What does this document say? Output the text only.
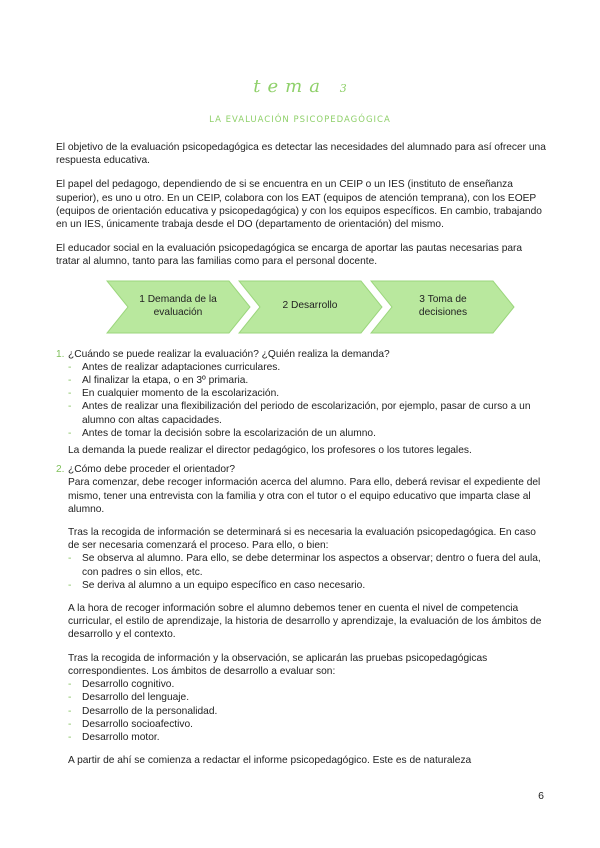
tema 3
LA EVALUACIÓN PSICOPEDAGÓGICA

El objetivo de la evaluación psicopedagógica es detectar las necesidades del alumnado para así ofrecer una respuesta educativa.

El papel del pedagogo, dependiendo de si se encuentra en un CEIP o un IES (instituto de enseñanza superior), es uno u otro. En un CEIP, colabora con los EAT (equipos de atención temprana), con los EOEP (equipos de orientación educativa y psicopedagógica) y con los equipos específicos. En cambio, trabajando en un IES, únicamente trabaja desde el DO (departamento de orientación) del mismo.

El educador social en la evaluación psicopedagógica se encarga de aportar las pautas necesarias para tratar al alumno, tanto para las familias como para el personal docente.

1 Demanda de la evaluación
2 Desarrollo
3 Toma de decisiones
1. ¿Cuándo se puede realizar la evaluación? ¿Quién realiza la demanda?
- Antes de realizar adaptaciones curriculares.
- Al finalizar la etapa, o en 3º primaria.
- En cualquier momento de la escolarización.
- Antes de realizar una flexibilización del periodo de escolarización, por ejemplo, pasar de curso a un alumno con altas capacidades.
- Antes de tomar la decisión sobre la escolarización de un alumno.
La demanda la puede realizar el director pedagógico, los profesores o los tutores legales.
2. ¿Cómo debe proceder el orientador?
Para comenzar, debe recoger información acerca del alumno. Para ello, deberá revisar el expediente del mismo, tener una entrevista con la familia y otra con el tutor o el equipo educativo que imparta clase al alumno.
Tras la recogida de información se determinará si es necesaria la evaluación psicopedagógica. En caso de ser necesaria comenzará el proceso. Para ello, o bien:
- Se observa al alumno. Para ello, se debe determinar los aspectos a observar; dentro o fuera del aula, con padres o sin ellos, etc.
- Se deriva al alumno a un equipo específico en caso necesario.
A la hora de recoger información sobre el alumno debemos tener en cuenta el nivel de competencia curricular, el estilo de aprendizaje, la historia de desarrollo y aprendizaje, la evaluación de los ámbitos de desarrollo y el contexto.
Tras la recogida de información y la observación, se aplicarán las pruebas psicopedagógicas correspondientes. Los ámbitos de desarrollo a evaluar son:
- Desarrollo cognitivo.
- Desarrollo del lenguaje.
- Desarrollo de la personalidad.
- Desarrollo socioafectivo.
- Desarrollo motor.
A partir de ahí se comienza a redactar el informe psicopedagógico. Este es de naturaleza
6
